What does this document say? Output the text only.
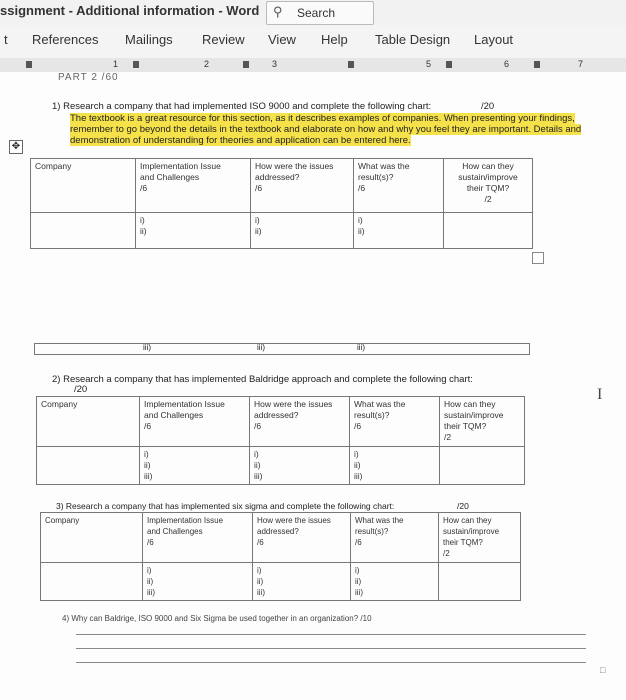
ssignment - Additional information - Word ⚲ Search
t References Mailings Review View Help Table Design Layout
1	2	3	5	6	7
PART 2 /60
1) Research a company that had implemented ISO 9000 and complete the following chart:	/20
The textbook is a great resource for this section, as it describes examples of companies. When presenting your findings,
remember to go beyond the details in the textbook and elaborate on how and why you feel they are important. Details and
demonstration of understanding for theories and application can be entered here.
✥
Company	Implementation Issue
and Challenges
/6	How were the issues
addressed?
/6	What was the
result(s)?
/6	How can they
sustain/improve
their TQM?
/2
	i)
ii)	i)
ii)	i)
ii)	
iii)	iii)	iii)
2) Research a company that has implemented Baldridge approach and complete the following chart:
/20
Company	Implementation Issue
and Challenges
/6	How were the issues
addressed?
/6	What was the
result(s)?
/6	How can they
sustain/improve
their TQM?
/2
	i)
ii)
iii)	i)
ii)
iii)	i)
ii)
iii)	
3) Research a company that has implemented six sigma and complete the following chart:	/20
Company	Implementation Issue
and Challenges
/6	How were the issues
addressed?
/6	What was the
result(s)?
/6	How can they
sustain/improve
their TQM?
/2
	i)
ii)
iii)	i)
ii)
iii)	i)
ii)
iii)	
4) Why can Baldrige, ISO 9000 and Six Sigma be used together in an organization? /10
I
□
